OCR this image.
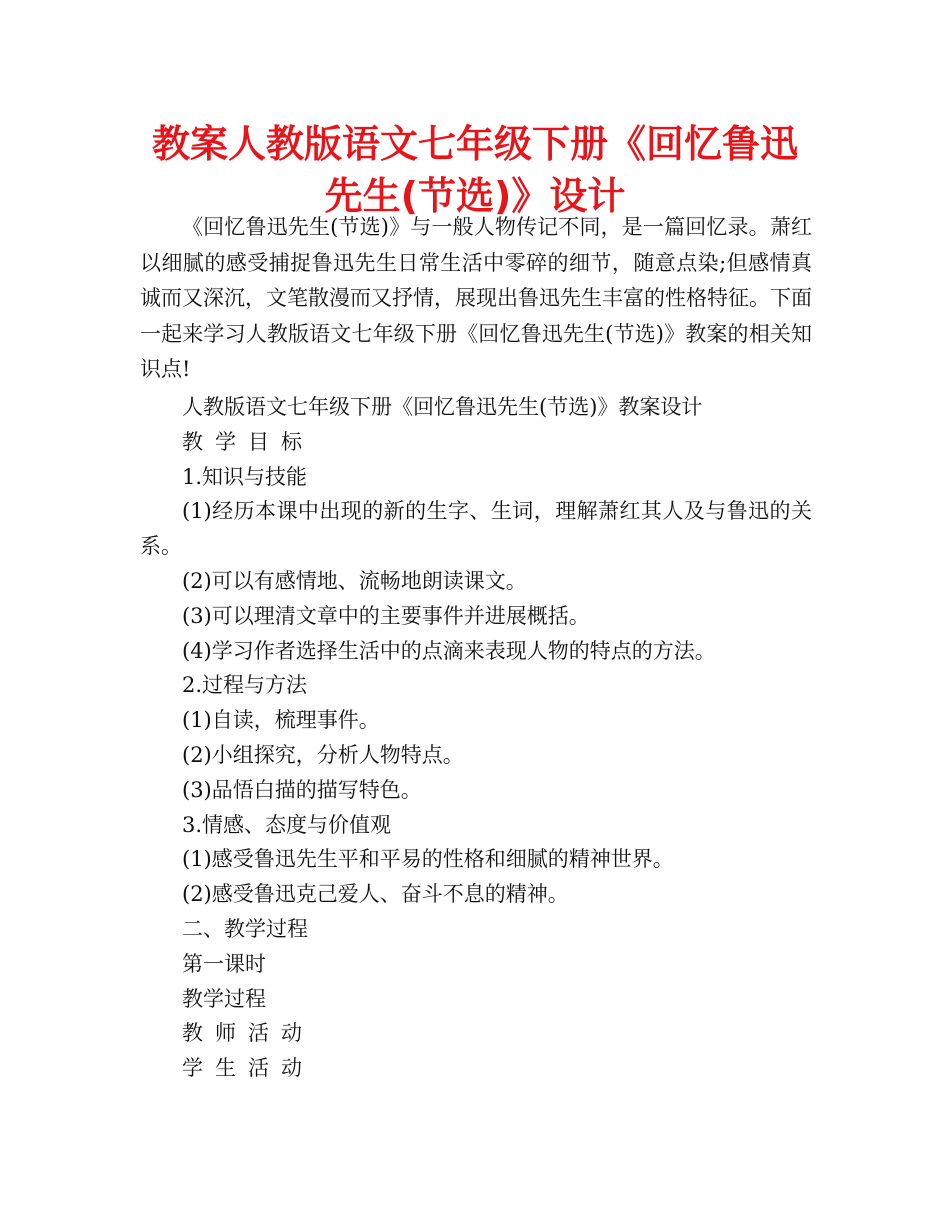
教案人教版语文七年级下册《回忆鲁迅先生(节选)》设计

《回忆鲁迅先生(节选)》与一般人物传记不同，是一篇回忆录。萧红以细腻的感受捕捉鲁迅先生日常生活中零碎的细节，随意点染;但感情真诚而又深沉，文笔散漫而又抒情，展现出鲁迅先生丰富的性格特征。下面一起来学习人教版语文七年级下册《回忆鲁迅先生(节选)》教案的相关知识点!

人教版语文七年级下册《回忆鲁迅先生(节选)》教案设计

教学目标

1.知识与技能

(1)经历本课中出现的新的生字、生词，理解萧红其人及与鲁迅的关系。

(2)可以有感情地、流畅地朗读课文。

(3)可以理清文章中的主要事件并进展概括。

(4)学习作者选择生活中的点滴来表现人物的特点的方法。

2.过程与方法

(1)自读，梳理事件。

(2)小组探究，分析人物特点。

(3)品悟白描的描写特色。

3.情感、态度与价值观

(1)感受鲁迅先生平和平易的性格和细腻的精神世界。

(2)感受鲁迅克己爱人、奋斗不息的精神。

二、教学过程

第一课时

教学过程

教师活动

学生活动
